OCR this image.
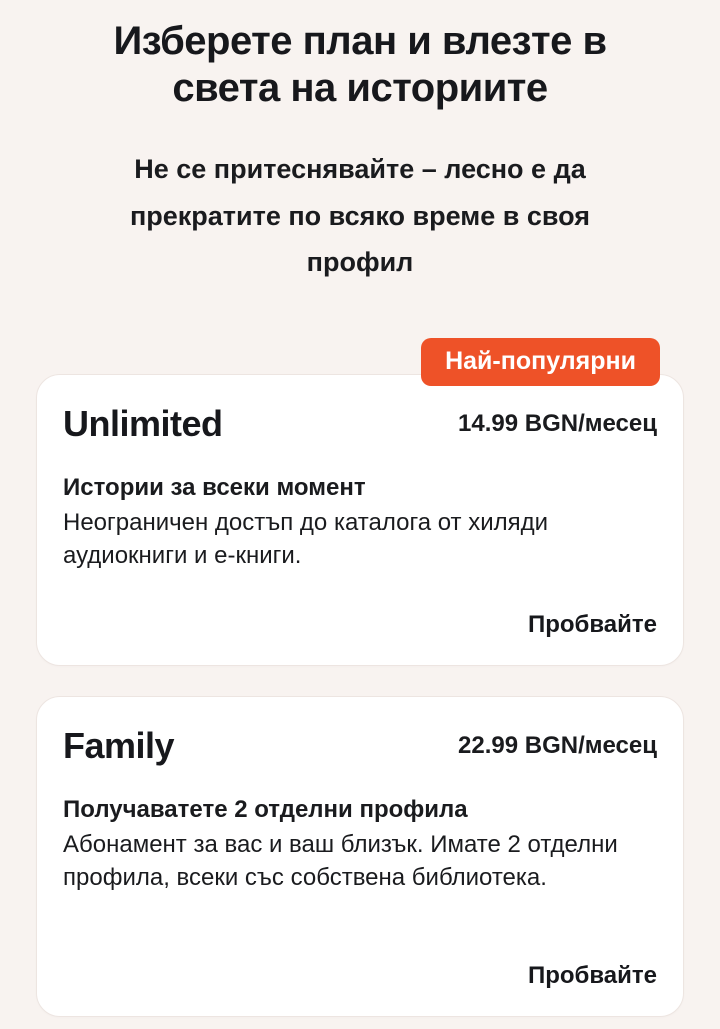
Изберете план и влезте в света на историите

Не се притеснявайте – лесно е да прекратите по всяко време в своя профил

Най-популярни
Unlimited	14.99 BGN/месец
Истории за всеки момент
Неограничен достъп до каталога от хиляди аудиокниги и е-книги.
Пробвайте
Family	22.99 BGN/месец
Получаватете 2 отделни профила
Абонамент за вас и ваш близък. Имате 2 отделни профила, всеки със собствена библиотека.
Пробвайте
